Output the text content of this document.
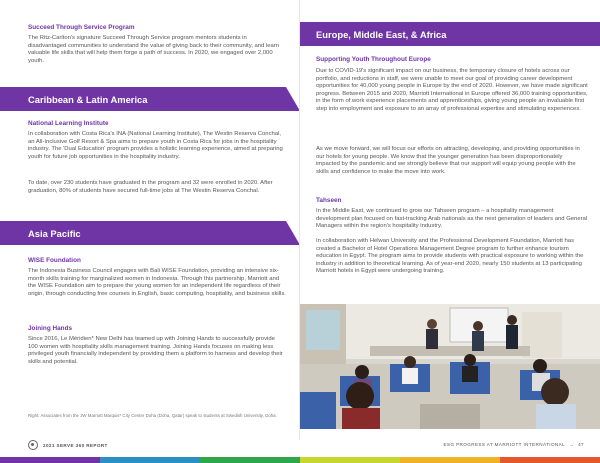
Succeed Through Service Program

The Ritz-Carlton's signature Succeed Through Service program mentors students in disadvantaged communities to understand the value of giving back to their community, and learn valuable life skills that will help them forge a path of success. In 2020, we engaged over 2,000 youth.

Caribbean & Latin America
National Learning Institute

In collaboration with Costa Rica's INA (National Learning Institute), The Westin Reserva Conchal, an All-Inclusive Golf Resort & Spa aims to prepare youth in Costa Rica for jobs in the hospitality industry. The 'Dual Education' program provides a holistic learning experience, aimed at preparing youth for future job opportunities in the hospitality industry.

To date, over 230 students have graduated in the program and 32 were enrolled in 2020. After graduation, 80% of students have secured full-time jobs at The Westin Reserva Conchal.

Asia Pacific
WISE Foundation

The Indonesia Business Council engages with Bali WISE Foundation, providing an intensive six-month skills training for marginalized women in Indonesia. Through this partnership, Marriott and the WISE Foundation aim to prepare the young women for an independent life regardless of their origin, through conducting free courses in English, basic computing, hospitality, and business skills.

Joining Hands

Since 2016, Le Méridien* New Delhi has teamed up with Joining Hands to successfully provide 100 women with hospitality skills management training. Joining Hands focuses on making less privileged youth financially independent by providing them a platform to harness and develop their skills and potential.

Right: Associates from the JW Marriott Marquis* City Center Doha (Doha, Qatar) speak to students at Swedish University, Doha.
2021 SERVE 360 REPORT
Europe, Middle East, & Africa
Supporting Youth Throughout Europe

Due to COVID-19's significant impact on our business, the temporary closure of hotels across our portfolio, and reductions in staff, we were unable to meet our goal of providing career development opportunities for 40,000 young people in Europe by the end of 2020. However, we have made significant progress. Between 2015 and 2020, Marriott International in Europe offered 36,000 training opportunities, in the form of work experience placements and apprenticeships, giving young people an invaluable first step into employment and exposure to an array of professional expertise and stimulating experiences.

As we move forward, we will focus our efforts on attracting, developing, and providing opportunities in our hotels for young people. We know that the younger generation has been disproportionately impacted by the pandemic and we strongly believe that our support will equip young people with the skills and confidence to make the move into work.

Tahseen

In the Middle East, we continued to grow our Tahseen program – a hospitality management development plan focused on fast-tracking Arab nationals as the next generation of leaders and General Managers within the region's hospitality industry.

In collaboration with Helwan University and the Professional Development Foundation, Marriott has created a Bachelor of Hotel Operations Management Degree program to further enhance tourism education in Egypt. The program aims to provide students with practical exposure to working within the industry in addition to theoretical learning. As of year-end 2020, nearly 150 students at 13 participating Marriott hotels in Egypt were undergoing training.

ESG PROGRESS AT MARRIOTT INTERNATIONAL → 47
